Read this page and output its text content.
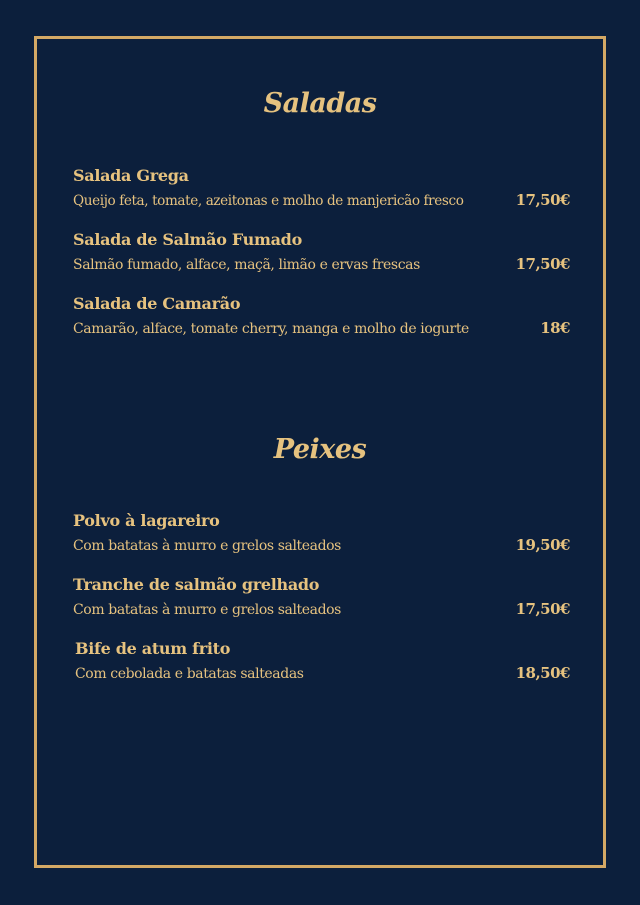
Saladas
Salada Grega
Queijo feta, tomate, azeitonas e molho de manjericão fresco	17,50€
Salada de Salmão Fumado
Salmão fumado, alface, maçã, limão e ervas frescas	17,50€
Salada de Camarão
Camarão, alface, tomate cherry, manga e molho de iogurte	18€
Peixes
Polvo à lagareiro
Com batatas à murro e grelos salteados	19,50€
Tranche de salmão grelhado
Com batatas à murro e grelos salteados	17,50€
Bife de atum frito
Com cebolada e batatas salteadas	18,50€
